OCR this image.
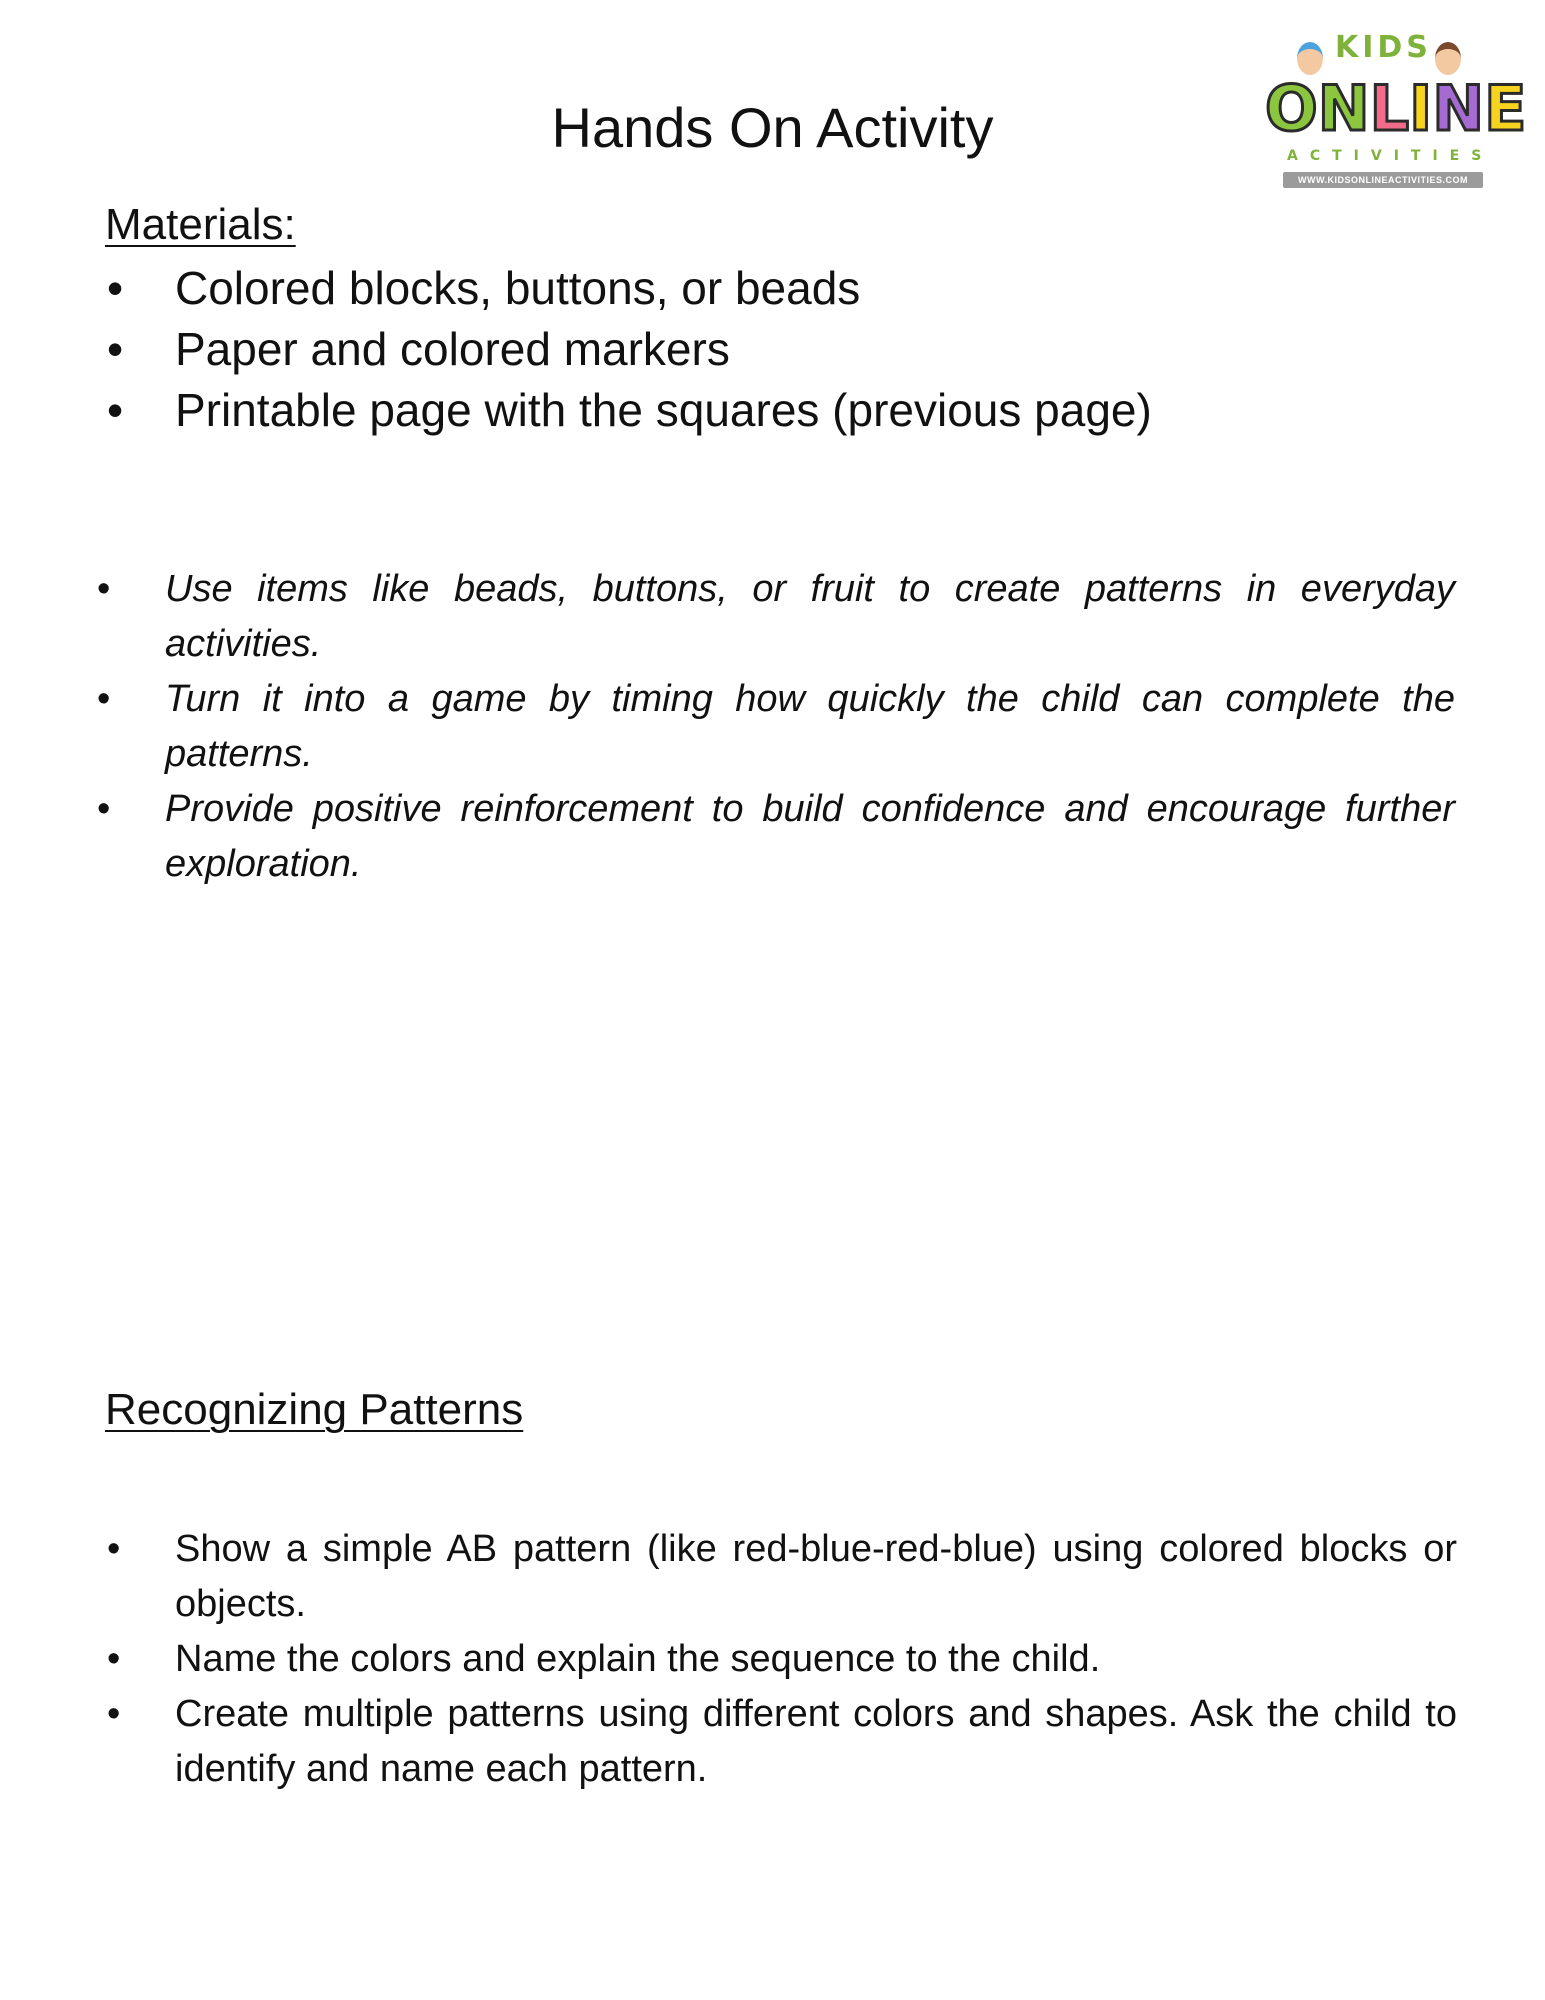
KIDS
O N L I N E
ACTIVITIES
WWW.KIDSONLINEACTIVITIES.COM
Hands On Activity
Materials:
• Colored blocks, buttons, or beads
• Paper and colored markers
• Printable page with the squares (previous page)
• Use items like beads, buttons, or fruit to create patterns in everyday activities.
• Turn it into a game by timing how quickly the child can complete the patterns.
• Provide positive reinforcement to build confidence and encourage further exploration.
Recognizing Patterns
• Show a simple AB pattern (like red-blue-red-blue) using colored blocks or objects.
• Name the colors and explain the sequence to the child.
• Create multiple patterns using different colors and shapes. Ask the child to identify and name each pattern.
